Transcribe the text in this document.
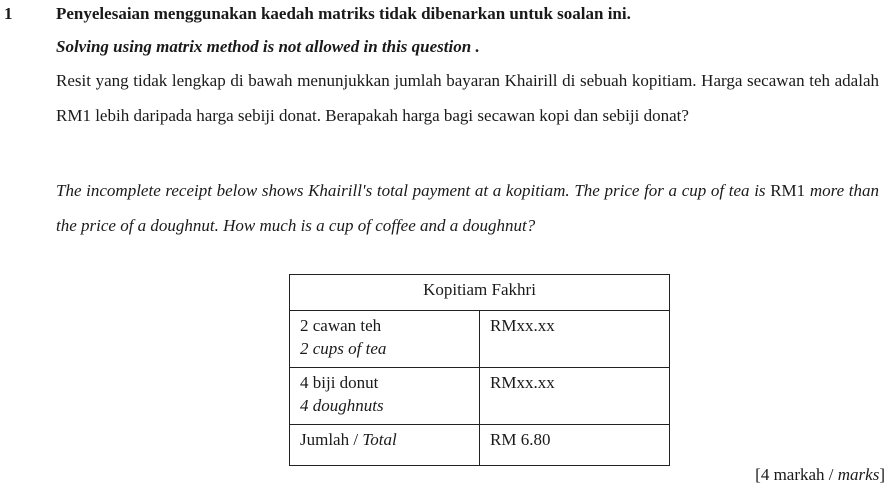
1	Penyelesaian menggunakan kaedah matriks tidak dibenarkan untuk soalan ini.
Solving using matrix method is not allowed in this question .
Resit yang tidak lengkap di bawah menunjukkan jumlah bayaran Khairill di sebuah kopitiam. Harga secawan teh adalah RM1 lebih daripada harga sebiji donat. Berapakah harga bagi secawan kopi dan sebiji donat?
The incomplete receipt below shows Khairill's total payment at a kopitiam. The price for a cup of tea is RM1 more than the price of a doughnut. How much is a cup of coffee and a doughnut?
Kopitiam Fakhri	

2 cawan teh
2 cups of tea	RMxx.xx

4 biji donut
4 doughnuts	RMxx.xx
Jumlah / Total	RM 6.80
[4 markah / marks]
